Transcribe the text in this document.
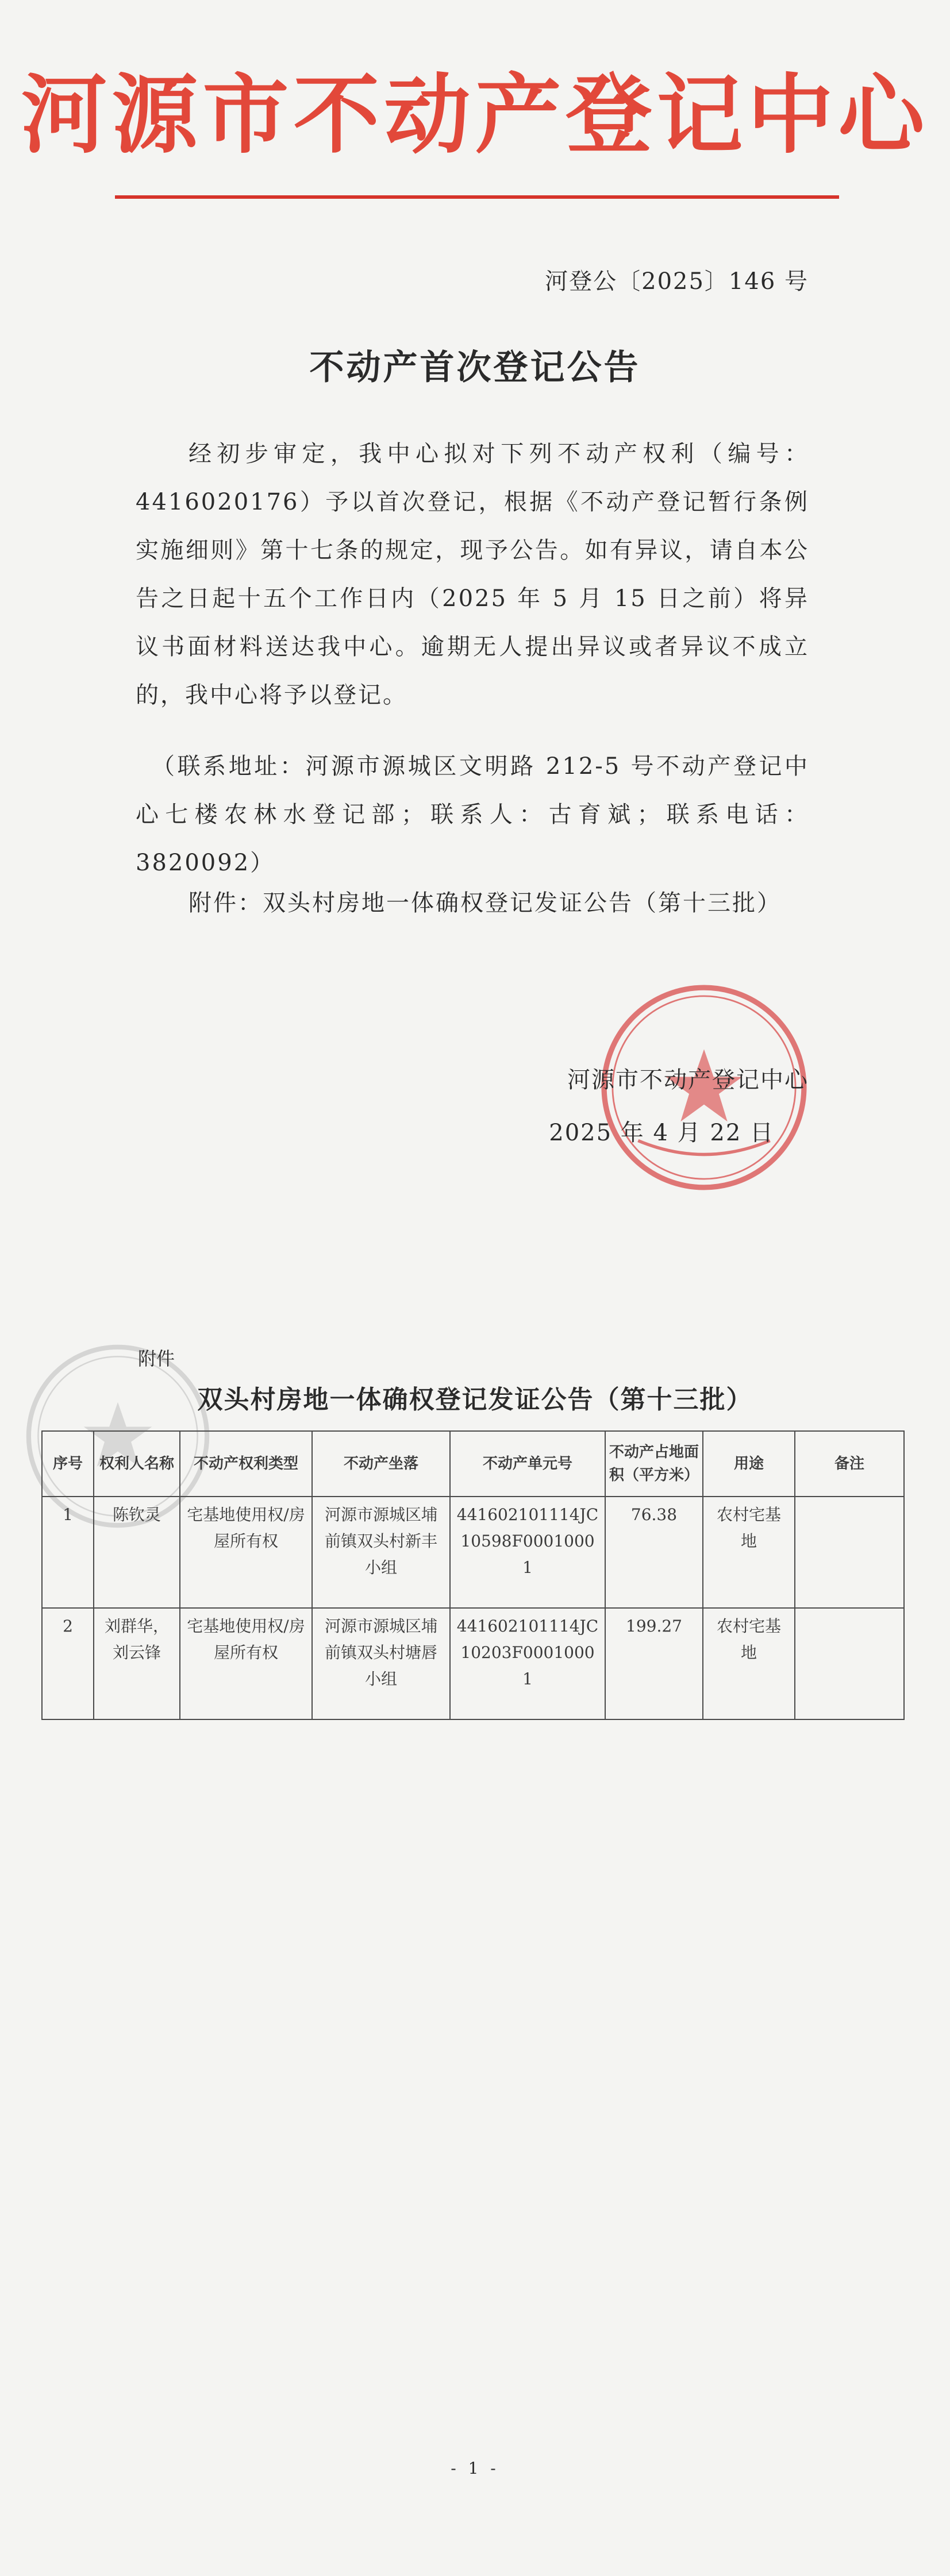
河源市不动产登记中心
河登公〔2025〕146 号
不动产首次登记公告

经初步审定，我中心拟对下列不动产权利（编号：4416020176）予以首次登记，根据《不动产登记暂行条例实施细则》第十七条的规定，现予公告。如有异议，请自本公告之日起十五个工作日内（2025 年 5 月 15 日之前）将异议书面材料送达我中心。逾期无人提出异议或者异议不成立的，我中心将予以登记。

（联系地址：河源市源城区文明路 212-5 号不动产登记中心七楼农林水登记部；联系人：古育斌；联系电话：3820092）

附件：双头村房地一体确权登记发证公告（第十三批）

河源市不动产登记中心
2025 年 4 月 22 日
附件
双头村房地一体确权登记发证公告（第十三批）
序号	权利人名称	不动产权利类型	不动产坐落	不动产单元号	不动产占地面积（平方米）	用途	备注
1	陈钦灵	宅基地使用权/房屋所有权	河源市源城区埔前镇双头村新丰小组	441602101114JC10598F00010001	76.38	农村宅基地	
2	刘群华，刘云锋	宅基地使用权/房屋所有权	河源市源城区埔前镇双头村塘唇小组	441602101114JC10203F00010001	199.27	农村宅基地	
- 1 -
